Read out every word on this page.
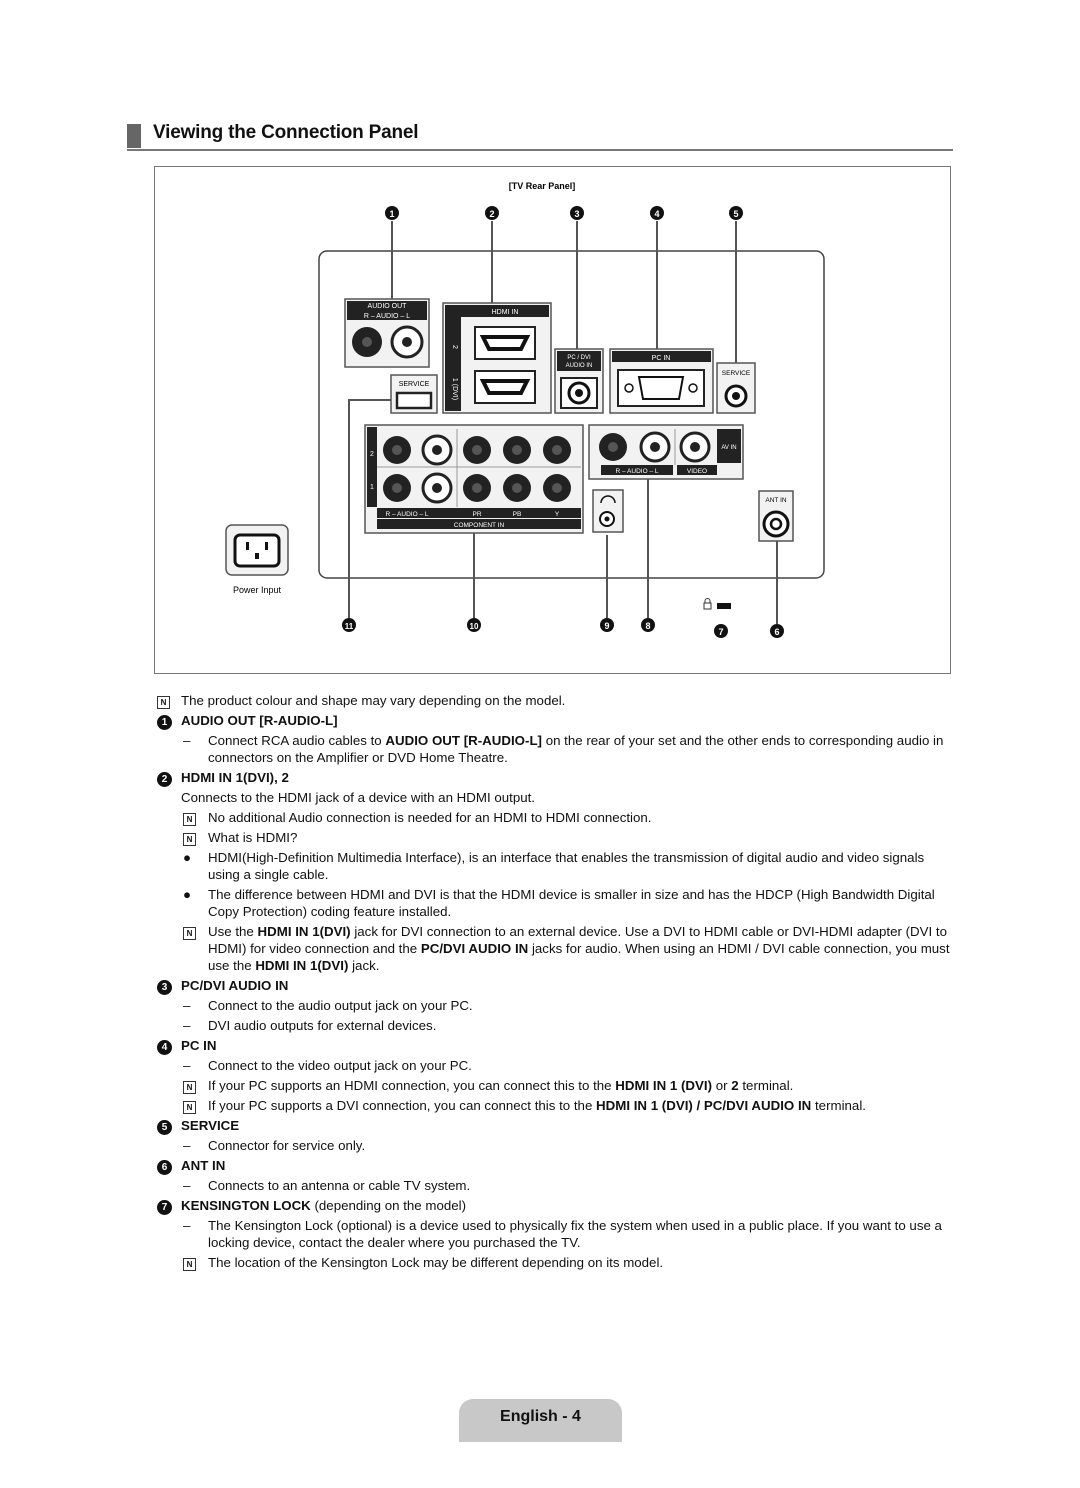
Viewing the Connection Panel
[TV Rear Panel]
1	2	3	4	5
AUDIO OUT
R – AUDIO – L
HDMI IN
2
1 (DVI)
SERVICE
PC / DVI
AUDIO IN
PC IN
SERVICE
2
1
R – AUDIO – L	PR	PB	Y
COMPONENT IN
AV IN
R – AUDIO – L	VIDEO
ANT IN
Power Input
11	10	9	8
7	6
N	The product colour and shape may vary depending on the model.
1	AUDIO OUT [R-AUDIO-L]
–	Connect RCA audio cables to AUDIO OUT [R-AUDIO-L] on the rear of your set and the other ends to corresponding audio in connectors on the Amplifier or DVD Home Theatre.
2	HDMI IN 1(DVI), 2
Connects to the HDMI jack of a device with an HDMI output.
N	No additional Audio connection is needed for an HDMI to HDMI connection.
N	What is HDMI?
●	HDMI(High-Definition Multimedia Interface), is an interface that enables the transmission of digital audio and video signals using a single cable.
●	The difference between HDMI and DVI is that the HDMI device is smaller in size and has the HDCP (High Bandwidth Digital Copy Protection) coding feature installed.
N	Use the HDMI IN 1(DVI) jack for DVI connection to an external device. Use a DVI to HDMI cable or DVI-HDMI adapter (DVI to HDMI) for video connection and the PC/DVI AUDIO IN jacks for audio. When using an HDMI / DVI cable connection, you must use the HDMI IN 1(DVI) jack.
3	PC/DVI AUDIO IN
–	Connect to the audio output jack on your PC.
–	DVI audio outputs for external devices.
4	PC IN
–	Connect to the video output jack on your PC.
N	If your PC supports an HDMI connection, you can connect this to the HDMI IN 1 (DVI) or 2 terminal.
N	If your PC supports a DVI connection, you can connect this to the HDMI IN 1 (DVI) / PC/DVI AUDIO IN terminal.
5	SERVICE
–	Connector for service only.
6	ANT IN
–	Connects to an antenna or cable TV system.
7	KENSINGTON LOCK (depending on the model)
–	The Kensington Lock (optional) is a device used to physically fix the system when used in a public place. If you want to use a locking device, contact the dealer where you purchased the TV.
N	The location of the Kensington Lock may be different depending on its model.
English - 4
